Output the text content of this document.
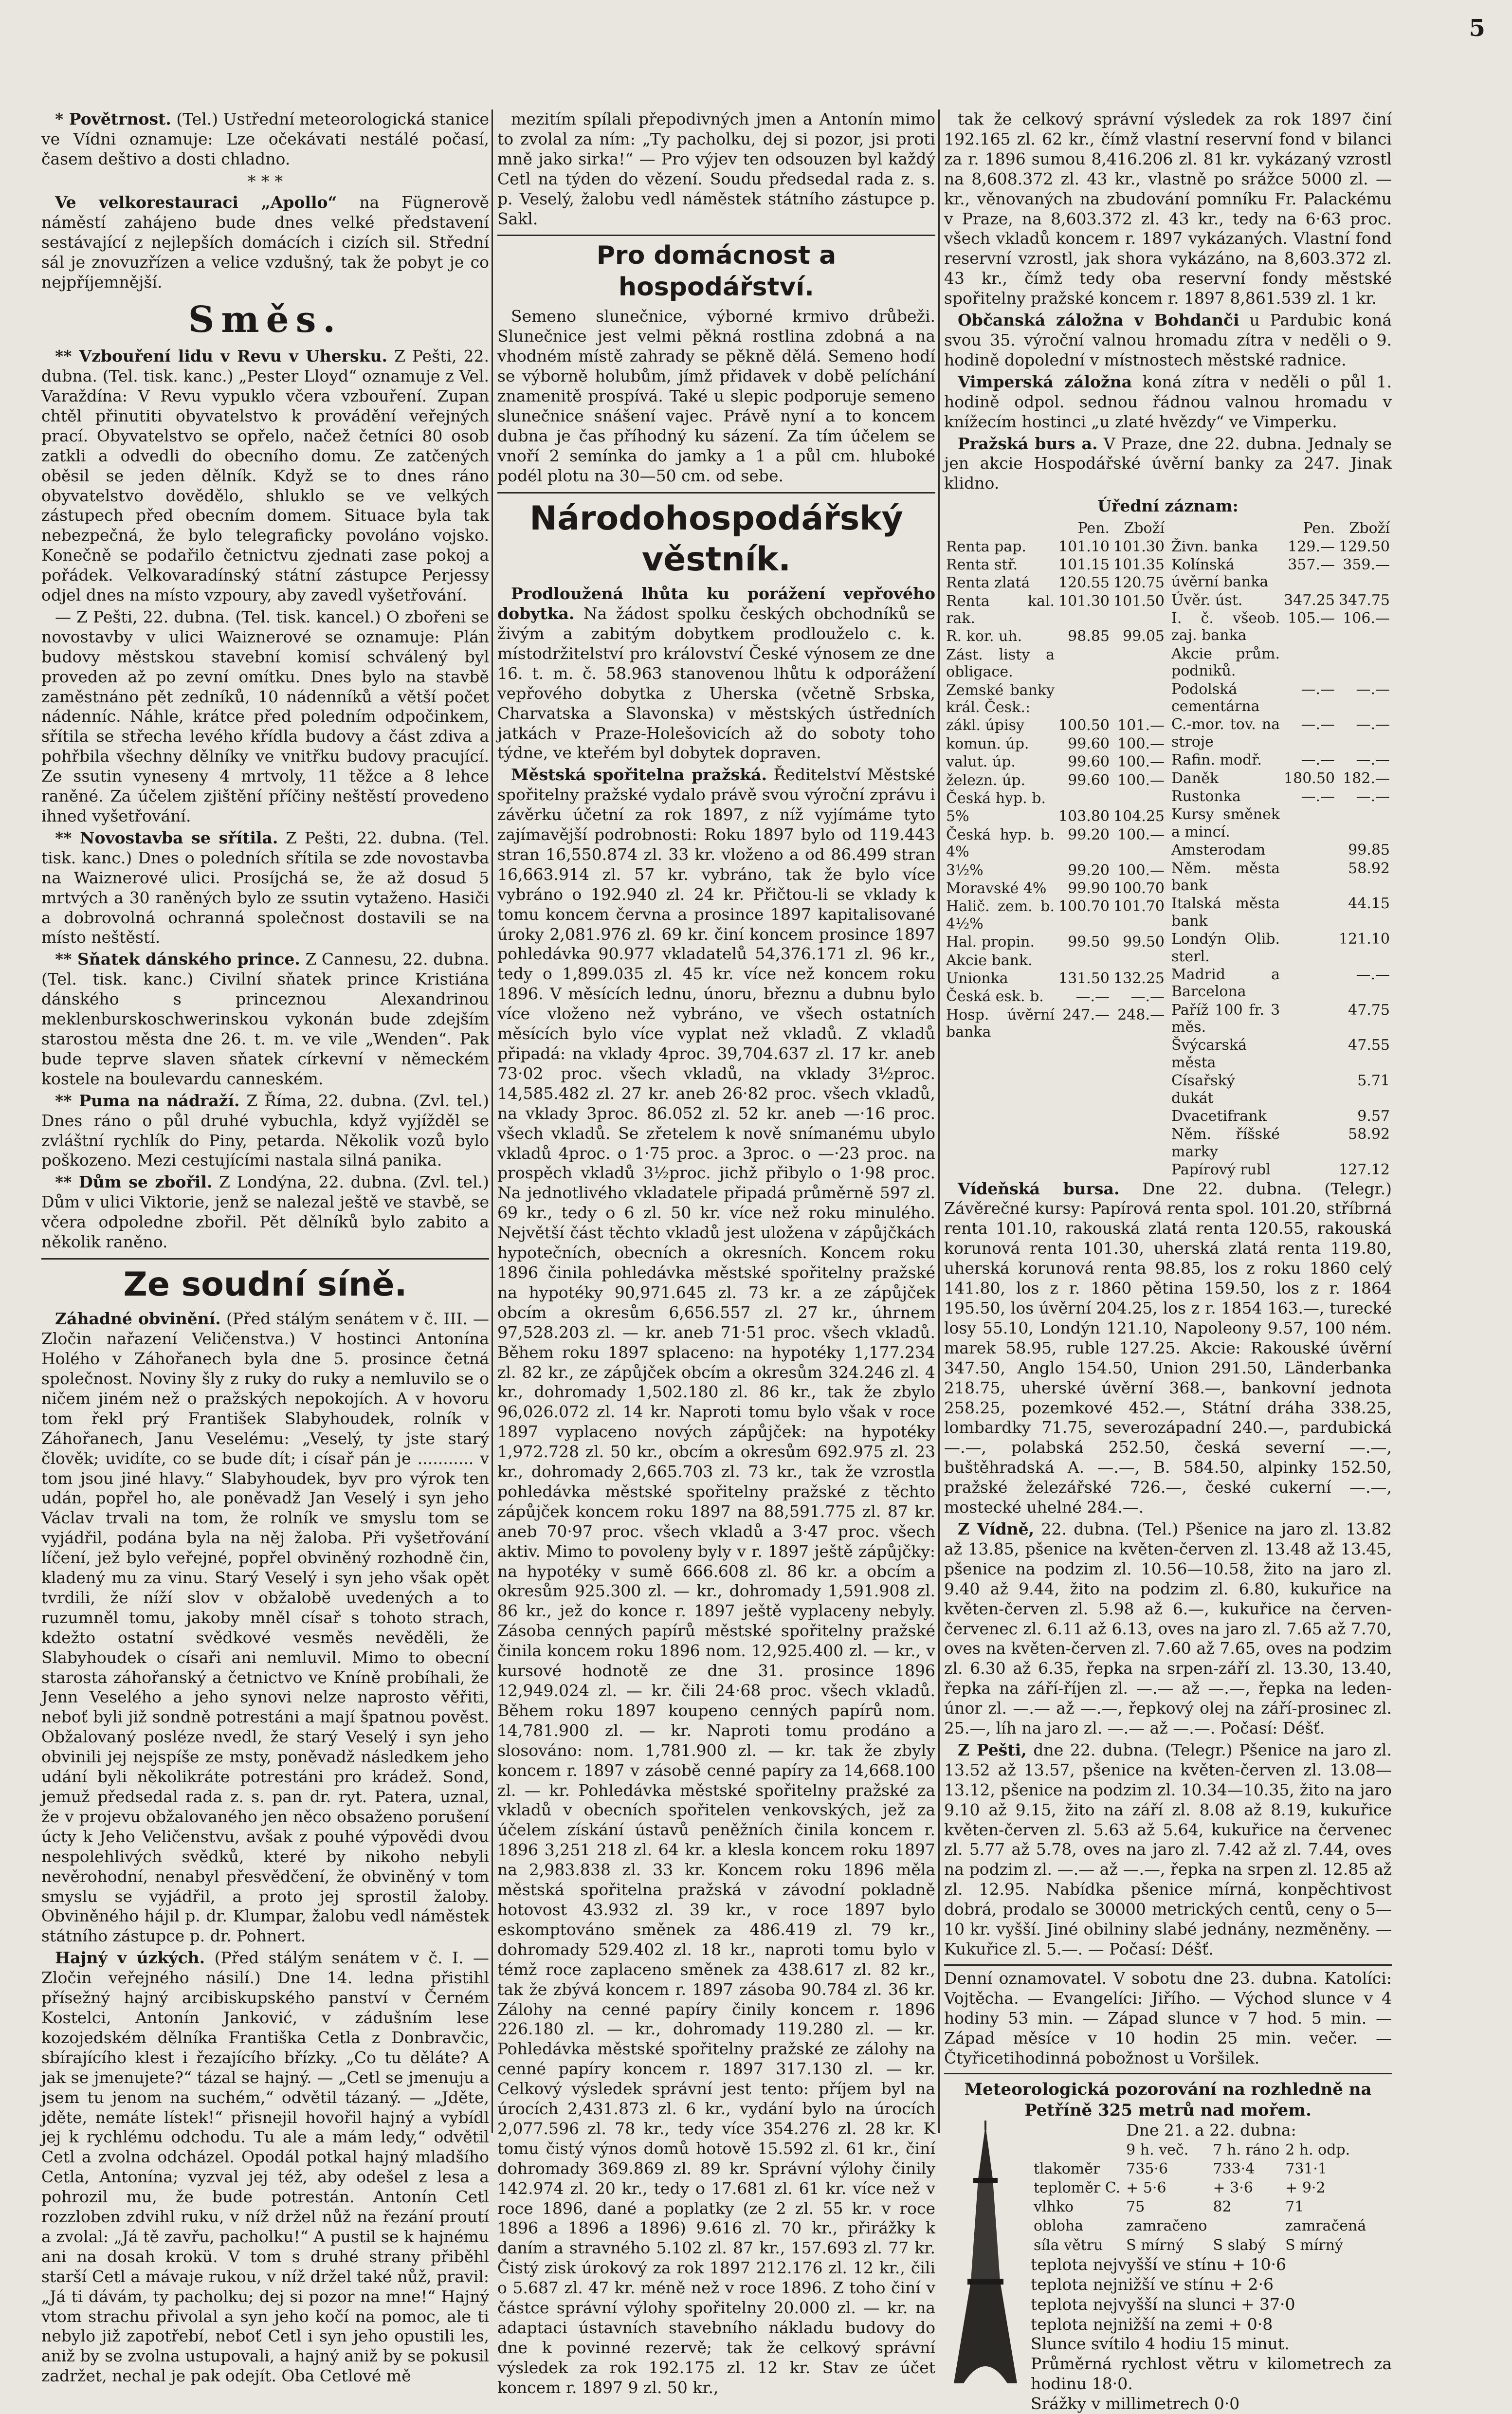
5

* Povětrnost. (Tel.) Ustřední meteorologická stanice ve Vídni oznamuje: Lze očekávati nestálé počasí, časem deštivo a dosti chladno.

* * *

Ve velkorestauraci „Apollo“ na Fügnerově náměstí zahájeno bude dnes velké představení sestávající z nejlepších domácích i cizích sil. Střední sál je znovuzřízen a velice vzdušný, tak že pobyt je co nejpříjemnější.

Směs.

** Vzbouření lidu v Revu v Uhersku. Z Pešti, 22. dubna. (Tel. tisk. kanc.) „Pester Lloyd“ oznamuje z Vel. Varaždína: V Revu vypuklo včera vzbouření. Zupan chtěl přinutiti obyvatelstvo k provádění veřejných prací. Obyvatelstvo se opřelo, načež četníci 80 osob zatkli a odvedli do obecního domu. Ze zatčených oběsil se jeden dělník. Když se to dnes ráno obyvatelstvo dovědělo, shluklo se ve velkých zástupech před obecním domem. Situace byla tak nebezpečná, že bylo telegraficky povoláno vojsko. Konečně se podařilo četnictvu zjednati zase pokoj a pořádek. Velkovaradínský státní zástupce Perjessy odjel dnes na místo vzpoury, aby zavedl vyšetřování.

— Z Pešti, 22. dubna. (Tel. tisk. kancel.) O zbořeni se novostavby v ulici Waiznerové se oznamuje: Plán budovy městskou stavební komisí schválený byl proveden až po zevní omítku. Dnes bylo na stavbě zaměstnáno pět zedníků, 10 nádenníků a větší počet nádenníc. Náhle, krátce před poledním odpočinkem, sřítila se střecha levého křídla budovy a část zdiva a pohřbila všechny dělníky ve vnitřku budovy pracující. Ze ssutin vyneseny 4 mrtvoly, 11 těžce a 8 lehce raněné. Za účelem zjištění příčiny neštěstí provedeno ihned vyšetřování.

** Novostavba se sřítila. Z Pešti, 22. dubna. (Tel. tisk. kanc.) Dnes o poledních sřítila se zde novostavba na Waiznerové ulici. Prosíjchá se, že až dosud 5 mrtvých a 30 raněných bylo ze ssutin vytaženo. Hasiči a dobrovolná ochranná společnost dostavili se na místo neštěstí.

** Sňatek dánského prince. Z Cannesu, 22. dubna. (Tel. tisk. kanc.) Civilní sňatek prince Kristiána dánského s princeznou Alexandrinou meklenburskoschwerinskou vykonán bude zdejším starostou města dne 26. t. m. ve vile „Wenden“. Pak bude teprve slaven sňatek církevní v německém kostele na boulevardu canneském.

** Puma na nádraží. Z Říma, 22. dubna. (Zvl. tel.) Dnes ráno o půl druhé vybuchla, když vyjížděl se zvláštní rychlík do Piny, petarda. Několik vozů bylo poškozeno. Mezi cestujícími nastala silná panika.

** Dům se zbořil. Z Londýna, 22. dubna. (Zvl. tel.) Dům v ulici Viktorie, jenž se nalezal ještě ve stavbě, se včera odpoledne zbořil. Pět dělníků bylo zabito a několik raněno.

Ze soudní síně.

Záhadné obvinění. (Před stálým senátem v č. III. — Zločin nařazení Veličenstva.) V hostinci Antonína Holého v Záhořanech byla dne 5. prosince četná společnost. Noviny šly z ruky do ruky a nemluvilo se o ničem jiném než o pražských nepokojích. A v hovoru tom řekl prý František Slabyhoudek, rolník v Záhořanech, Janu Veselému: „Veselý, ty jste starý člověk; uvidíte, co se bude dít; i císař pán je ........... v tom jsou jiné hlavy.“ Slabyhoudek, byv pro výrok ten udán, popřel ho, ale poněvadž Jan Veselý i syn jeho Václav trvali na tom, že rolník ve smyslu tom se vyjádřil, podána byla na něj žaloba. Při vyšetřování líčení, jež bylo veřejné, popřel obviněný rozhodně čin, kladený mu za vinu. Starý Veselý i syn jeho však opět tvrdili, že níží slov v obžalobě uvedených a to ruzumněl tomu, jakoby mněl císař s tohoto strach, kdežto ostatní svědkové vesměs nevěděli, že Slabyhoudek o císaři ani nemluvil. Mimo to obecní starosta záhořanský a četnictvo ve Kníně probíhali, že Jenn Veselého a jeho synovi nelze naprosto věřiti, neboť byli již sondně potrestáni a mají špatnou pověst. Obžalovaný posléze nvedl, že starý Veselý i syn jeho obvinili jej nejspíše ze msty, poněvadž následkem jeho udání byli několikráte potrestáni pro krádež. Sond, jemuž předsedal rada z. s. pan dr. ryt. Patera, uznal, že v projevu obžalovaného jen něco obsaženo porušení úcty k Jeho Veličenstvu, avšak z pouhé výpovědi dvou nespolehlivých svědků, které by nikoho nebyli nevěrohodní, nenabyl přesvědčení, že obviněný v tom smyslu se vyjádřil, a proto jej sprostil žaloby. Obviněného hájil p. dr. Klumpar, žalobu vedl náměstek státního zástupce p. dr. Pohnert.

Hajný v úzkých. (Před stálým senátem v č. I. — Zločin veřejného násilí.) Dne 14. ledna přistihl přísežný hajný arcibiskupského panství v Černém Kostelci, Antonín Janković, v zádušním lese kozojedském dělníka Františka Cetla z Donbravčic, sbírajícího klest i řezajícího břízky. „Co tu děláte? A jak se jmenujete?“ tázal se hajný. — „Cetl se jmenuju a jsem tu jenom na suchém,“ odvětil tázaný. — „Jděte, jděte, nemáte lístek!“ přisnejil hovořil hajný a vybídl jej k rychlému odchodu. Tu ale a mám ledy,“ odvětil Cetl a zvolna odcházel. Opodál potkal hajný mladšího Cetla, Antonína; vyzval jej též, aby odešel z lesa a pohrozil mu, že bude potrestán. Antonín Cetl rozzloben zdvihl ruku, v níž držel nůž na řezání proutí a zvolal: „Já tě zavřu, pacholku!“ A pustil se k hajnému ani na dosah krokü. V tom s druhé strany přiběhl starší Cetl a mávaje rukou, v níž držel také nůž, pravil: „Já ti dávám, ty pacholku; dej si pozor na mne!“ Hajný vtom strachu přivolal a syn jeho kočí na pomoc, ale ti nebylo již zapotřebí, neboť Cetl i syn jeho opustili les, aniž by se zvolna ustupovali, a hajný aniž by se pokusil zadržet, nechal je pak odejít. Oba Cetlové mě

mezitím spílali přepodivných jmen a Antonín mimo to zvolal za ním: „Ty pacholku, dej si pozor, jsi proti mně jako sirka!“ — Pro výjev ten odsouzen byl každý Cetl na týden do vězení. Soudu předsedal rada z. s. p. Veselý, žalobu vedl náměstek státního zástupce p. Sakl.

Pro domácnost a hospodářství.

Semeno slunečnice, výborné krmivo drůbeži. Slunečnice jest velmi pěkná rostlina zdobná a na vhodném místě zahrady se pěkně dělá. Semeno hodí se výborně holubům, jímž přidavek v době pelíchání znamenitě prospívá. Také u slepic podporuje semeno slunečnice snášení vajec. Právě nyní a to koncem dubna je čas příhodný ku sázení. Za tím účelem se vnoří 2 semínka do jamky a 1 a půl cm. hluboké podél plotu na 30—50 cm. od sebe.

Národohospodářský věstník.

Prodloužená lhůta ku porážení vepřového dobytka. Na žádost spolku českých obchodníků se živým a zabitým dobytkem prodlouželo c. k. místodržitelství pro království České výnosem ze dne 16. t. m. č. 58.963 stanovenou lhůtu k odporážení vepřového dobytka z Uherska (včetně Srbska, Charvatska a Slavonska) v městských ústředních jatkách v Praze-Holešovicích až do soboty toho týdne, ve kteřém byl dobytek dopraven.

Městská spořitelna pražská. Ředitelství Městské spořitelny pražské vydalo právě svou výroční zprávu i závěrku účetní za rok 1897, z níž vyjímáme tyto zajímavější podrobnosti: Roku 1897 bylo od 119.443 stran 16,550.874 zl. 33 kr. vloženo a od 86.499 stran 16,663.914 zl. 57 kr. vybráno, tak že bylo více vybráno o 192.940 zl. 24 kr. Přičtou-li se vklady k tomu koncem června a prosince 1897 kapitalisované úroky 2,081.976 zl. 69 kr. činí koncem prosince 1897 pohledávka 90.977 vkladatelů 54,376.171 zl. 96 kr., tedy o 1,899.035 zl. 45 kr. více než koncem roku 1896. V měsících lednu, únoru, březnu a dubnu bylo více vloženo než vybráno, ve všech ostatních měsících bylo více vyplat než vkladů. Z vkladů připadá: na vklady 4proc. 39,704.637 zl. 17 kr. aneb 73·02 proc. všech vkladů, na vklady 3½proc. 14,585.482 zl. 27 kr. aneb 26·82 proc. všech vkladů, na vklady 3proc. 86.052 zl. 52 kr. aneb —·16 proc. všech vkladů. Se zřetelem k nově snímanému ubylo vkladů 4proc. o 1·75 proc. a 3proc. o —·23 proc. na prospěch vkladů 3½proc. jichž přibylo o 1·98 proc. Na jednotlivého vkladatele připadá průměrně 597 zl. 69 kr., tedy o 6 zl. 50 kr. více než roku minulého. Největší část těchto vkladů jest uložena v zápůjčkách hypotečních, obecních a okresních. Koncem roku 1896 činila pohledávka městské spořitelny pražské na hypotéky 90,971.645 zl. 73 kr. a ze zápůjček obcím a okresům 6,656.557 zl. 27 kr., úhrnem 97,528.203 zl. — kr. aneb 71·51 proc. všech vkladů. Během roku 1897 splaceno: na hypotéky 1,177.234 zl. 82 kr., ze zápůjček obcím a okresům 324.246 zl. 4 kr., dohromady 1,502.180 zl. 86 kr., tak že zbylo 96,026.072 zl. 14 kr. Naproti tomu bylo však v roce 1897 vyplaceno nových zápůjček: na hypotéky 1,972.728 zl. 50 kr., obcím a okresům 692.975 zl. 23 kr., dohromady 2,665.703 zl. 73 kr., tak že vzrostla pohledávka městské spořitelny pražské z těchto zápůjček koncem roku 1897 na 88,591.775 zl. 87 kr. aneb 70·97 proc. všech vkladů a 3·47 proc. všech aktiv. Mimo to povoleny byly v r. 1897 ještě zápůjčky: na hypotéky v sumě 666.608 zl. 86 kr. a obcím a okresům 925.300 zl. — kr., dohromady 1,591.908 zl. 86 kr., jež do konce r. 1897 ještě vyplaceny nebyly. Zásoba cenných papírů městské spořitelny pražské činila koncem roku 1896 nom. 12,925.400 zl. — kr., v kursové hodnotě ze dne 31. prosince 1896 12,949.024 zl. — kr. čili 24·68 proc. všech vkladů. Během roku 1897 koupeno cenných papírů nom. 14,781.900 zl. — kr. Naproti tomu prodáno a slosováno: nom. 1,781.900 zl. — kr. tak že zbyly koncem r. 1897 v zásobě cenné papíry za 14,668.100 zl. — kr. Pohledávka městské spořitelny pražské za vkladů v obecních spořitelen venkovských, jež za účelem získání ústavů peněžních činila koncem r. 1896 3,251 218 zl. 64 kr. a klesla koncem roku 1897 na 2,983.838 zl. 33 kr. Koncem roku 1896 měla městská spořitelna pražská v závodní pokladně hotovost 43.932 zl. 39 kr., v roce 1897 bylo eskomptováno směnek za 486.419 zl. 79 kr., dohromady 529.402 zl. 18 kr., naproti tomu bylo v témž roce zaplaceno směnek za 438.617 zl. 82 kr., tak že zbývá koncem r. 1897 zásoba 90.784 zl. 36 kr. Zálohy na cenné papíry činily koncem r. 1896 226.180 zl. — kr., dohromady 119.280 zl. — kr. Pohledávka městské spořitelny pražské ze zálohy na cenné papíry koncem r. 1897 317.130 zl. — kr. Celkový výsledek správní jest tento: příjem byl na úrocích 2,431.873 zl. 6 kr., vydání bylo na úrocích 2,077.596 zl. 78 kr., tedy více 354.276 zl. 28 kr. K tomu čistý výnos domů hotově 15.592 zl. 61 kr., činí dohromady 369.869 zl. 89 kr. Správní výlohy činily 142.974 zl. 20 kr., tedy o 17.681 zl. 61 kr. více než v roce 1896, dané a poplatky (ze 2 zl. 55 kr. v roce 1896 a 1896 a 1896) 9.616 zl. 70 kr., přirážky k daním a stravného 5.102 zl. 87 kr., 157.693 zl. 77 kr. Čistý zisk úrokový za rok 1897 212.176 zl. 12 kr., čili o 5.687 zl. 47 kr. méně než v roce 1896. Z toho činí v částce správní výlohy spořitelny 20.000 zl. — kr. na adaptaci ústavních stavebního nákladu budovy do dne k povinné rezervě; tak že celkový správní výsledek za rok 192.175 zl. 12 kr. Stav ze účet koncem r. 1897 9 zl. 50 kr.,

tak že celkový správní výsledek za rok 1897 činí 192.165 zl. 62 kr., čímž vlastní reservní fond v bilanci za r. 1896 sumou 8,416.206 zl. 81 kr. vykázaný vzrostl na 8,608.372 zl. 43 kr., vlastně po srážce 5000 zl. — kr., věnovaných na zbudování pomníku Fr. Palackému v Praze, na 8,603.372 zl. 43 kr., tedy na 6·63 proc. všech vkladů koncem r. 1897 vykázaných. Vlastní fond reservní vzrostl, jak shora vykázáno, na 8,603.372 zl. 43 kr., čímž tedy oba reservní fondy městské spořitelny pražské koncem r. 1897 8,861.539 zl. 1 kr.

Občanská záložna v Bohdanči u Pardubic koná svou 35. výroční valnou hromadu zítra v neděli o 9. hodině dopolední v místnostech městské radnice.

Vimperská záložna koná zítra v neděli o půl 1. hodině odpol. sednou řádnou valnou hromadu v knížecím hostinci „u zlaté hvězdy“ ve Vimperku.

Pražská burs a. V Praze, dne 22. dubna. Jednaly se jen akcie Hospodářské úvěrní banky za 247. Jinak klidno.

Úřední záznam:
	Pen.	Zboží
Renta pap.	101.10	101.30
Renta stř.	101.15	101.35
Renta zlatá	120.55	120.75
Renta kal. rak.	101.30	101.50
R. kor. uh.	98.85	99.05
Zást. listy a obligace.		
Zemské banky král. Česk.:		
zákl. úpisy	100.50	101.—
komun. úp.	99.60	100.—
valut. úp.	99.60	100.—
železn. úp.	99.60	100.—
Česká hyp. b.		
5%	103.80	104.25
Česká hyp. b. 4%	99.20	100.—
3½%	99.20	100.—
Moravské 4%	99.90	100.70
Halič. zem. b. 4½%	100.70	101.70
Hal. propin.	99.50	99.50
Akcie bank.		
Unionka	131.50	132.25
Česká esk. b.	—.—	—.—
Hosp. úvěrní banka	247.—	248.—
	Pen.	Zboží
Živn. banka	129.—	129.50
Kolínská úvěrní banka	357.—	359.—
Úvěr. úst.	347.25	347.75
I. č. všeob. zaj. banka	105.—	106.—
Akcie prům. podniků.		
Podolská cementárna	—.—	—.—
C.-mor. tov. na stroje	—.—	—.—
Rafin. modř.	—.—	—.—
Daněk	180.50	182.—
Rustonka	—.—	—.—
Kursy směnek a mincí.		
Amsterodam		99.85
Něm. města bank		58.92
Italská města bank		44.15
Londýn Olib. sterl.		121.10
Madrid a Barcelona		—.—
Paříž 100 fr. 3 měs.		47.75
Švýcarská města		47.55
Císařský dukát		5.71
Dvacetifrank		9.57
Něm. říšské marky		58.92
Papírový rubl		127.12

Vídeňská bursa. Dne 22. dubna. (Telegr.) Závěrečné kursy: Papírová renta spol. 101.20, stříbrná renta 101.10, rakouská zlatá renta 120.55, rakouská korunová renta 101.30, uherská zlatá renta 119.80, uherská korunová renta 98.85, los z roku 1860 celý 141.80, los z r. 1860 pětina 159.50, los z r. 1864 195.50, los úvěrní 204.25, los z r. 1854 163.—, turecké losy 55.10, Londýn 121.10, Napoleony 9.57, 100 ném. marek 58.95, ruble 127.25. Akcie: Rakouské úvěrní 347.50, Anglo 154.50, Union 291.50, Länderbanka 218.75, uherské úvěrní 368.—, bankovní jednota 258.25, pozemkové 452.—, Státní dráha 338.25, lombardky 71.75, severozápadní 240.—, pardubická —.—, polabská 252.50, česká severní —.—, buštěhradská A. —.—, B. 584.50, alpinky 152.50, pražské železářské 726.—, české cukerní —.—, mostecké uhelné 284.—.

Z Vídně, 22. dubna. (Tel.) Pšenice na jaro zl. 13.82 až 13.85, pšenice na květen-červen zl. 13.48 až 13.45, pšenice na podzim zl. 10.56—10.58, žito na jaro zl. 9.40 až 9.44, žito na podzim zl. 6.80, kukuřice na květen-červen zl. 5.98 až 6.—, kukuřice na červen-červenec zl. 6.11 až 6.13, oves na jaro zl. 7.65 až 7.70, oves na květen-červen zl. 7.60 až 7.65, oves na podzim zl. 6.30 až 6.35, řepka na srpen-září zl. 13.30, 13.40, řepka na září-říjen zl. —.— až —.—, řepka na leden-únor zl. —.— až —.—, řepkový olej na září-prosinec zl. 25.—, líh na jaro zl. —.— až —.—. Počasí: Déšť.

Z Pešti, dne 22. dubna. (Telegr.) Pšenice na jaro zl. 13.52 až 13.57, pšenice na květen-červen zl. 13.08—13.12, pšenice na podzim zl. 10.34—10.35, žito na jaro 9.10 až 9.15, žito na září zl. 8.08 až 8.19, kukuřice květen-červen zl. 5.63 až 5.64, kukuřice na červenec zl. 5.77 až 5.78, oves na jaro zl. 7.42 až zl. 7.44, oves na podzim zl. —.— až —.—, řepka na srpen zl. 12.85 až zl. 12.95. Nabídka pšenice mírná, konpěchtivost dobrá, prodalo se 30000 metrických centů, ceny o 5—10 kr. vyšší. Jiné obilniny slabé jednány, nezměněny. — Kukuřice zl. 5.—. — Počasí: Déšť.

Denní oznamovatel. V sobotu dne 23. dubna. Katolíci: Vojtěcha. — Evangelíci: Jiřího. — Východ slunce v 4 hodiny 53 min. — Západ slunce v 7 hod. 5 min. — Západ měsíce v 10 hodin 25 min. večer. — Čtyřicetihodinná pobožnost u Voršilek.

Meteorologická pozorování na rozhledně na Petříně 325 metrů nad mořem.
Dne 21. a 22. dubna:
	9 h. več.	7 h. ráno	2 h. odp.
tlakoměr	735·6	733·4	731·1
teploměr C.	+ 5·6	+ 3·6	+ 9·2
vlhko	75	82	71
obloha	zamračeno		zamračená
síla větru	S mírný	S slabý	S mírný
teplota nejvyšší ve stínu + 10·6
teplota nejnižší ve stínu + 2·6
teplota nejvyšší na slunci + 37·0
teplota nejnižší na zemi + 0·8
Slunce svítilo 4 hodiu 15 minut.
Průměrná rychlost větru v kilometrech za hodinu 18·0.
Srážky v millimetrech 0·0
